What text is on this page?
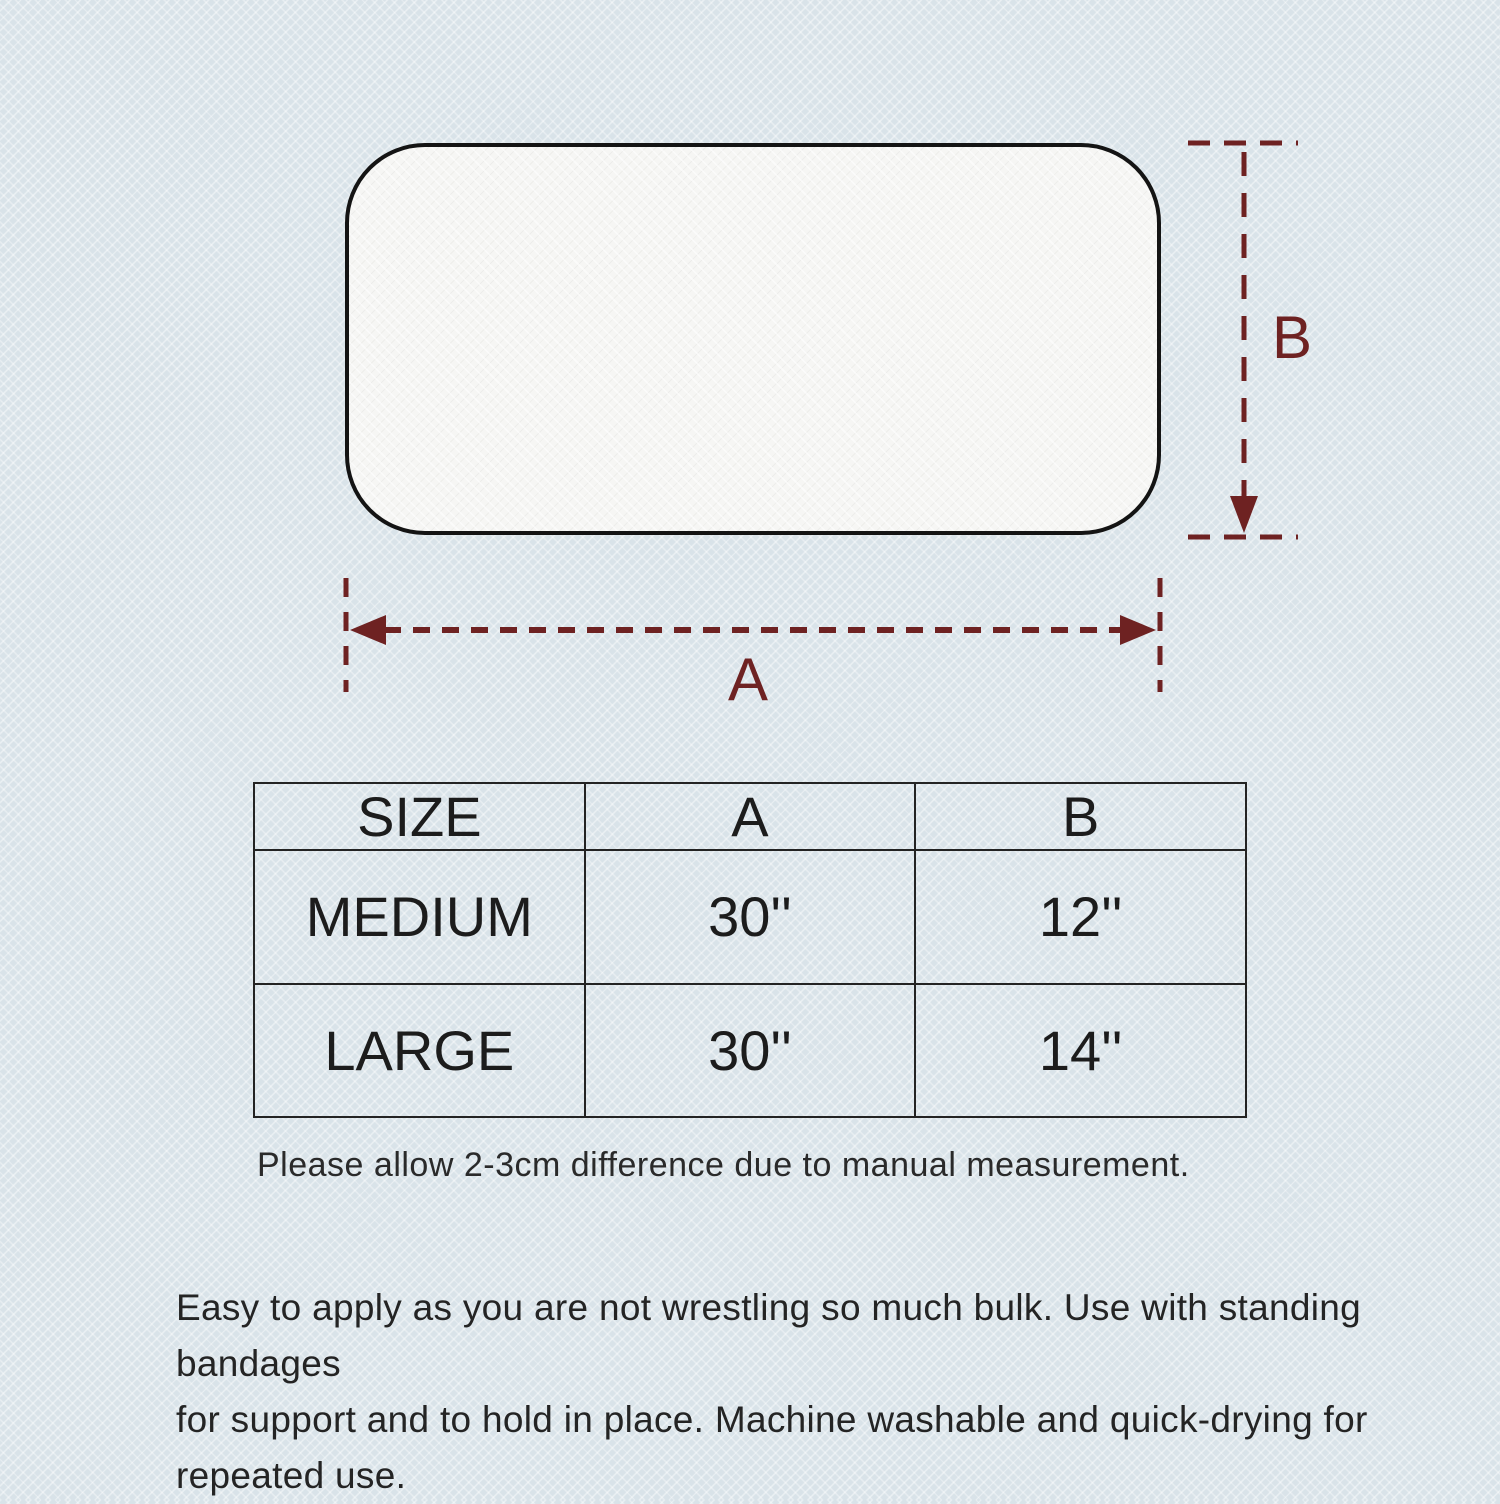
A
B
SIZE	A	B
MEDIUM	30''	12''
LARGE	30''	14''
Please allow 2-3cm difference due to manual measurement.
Easy to apply as you are not wrestling so much bulk. Use with standing bandages
for support and to hold in place. Machine washable and quick-drying for
repeated use.
